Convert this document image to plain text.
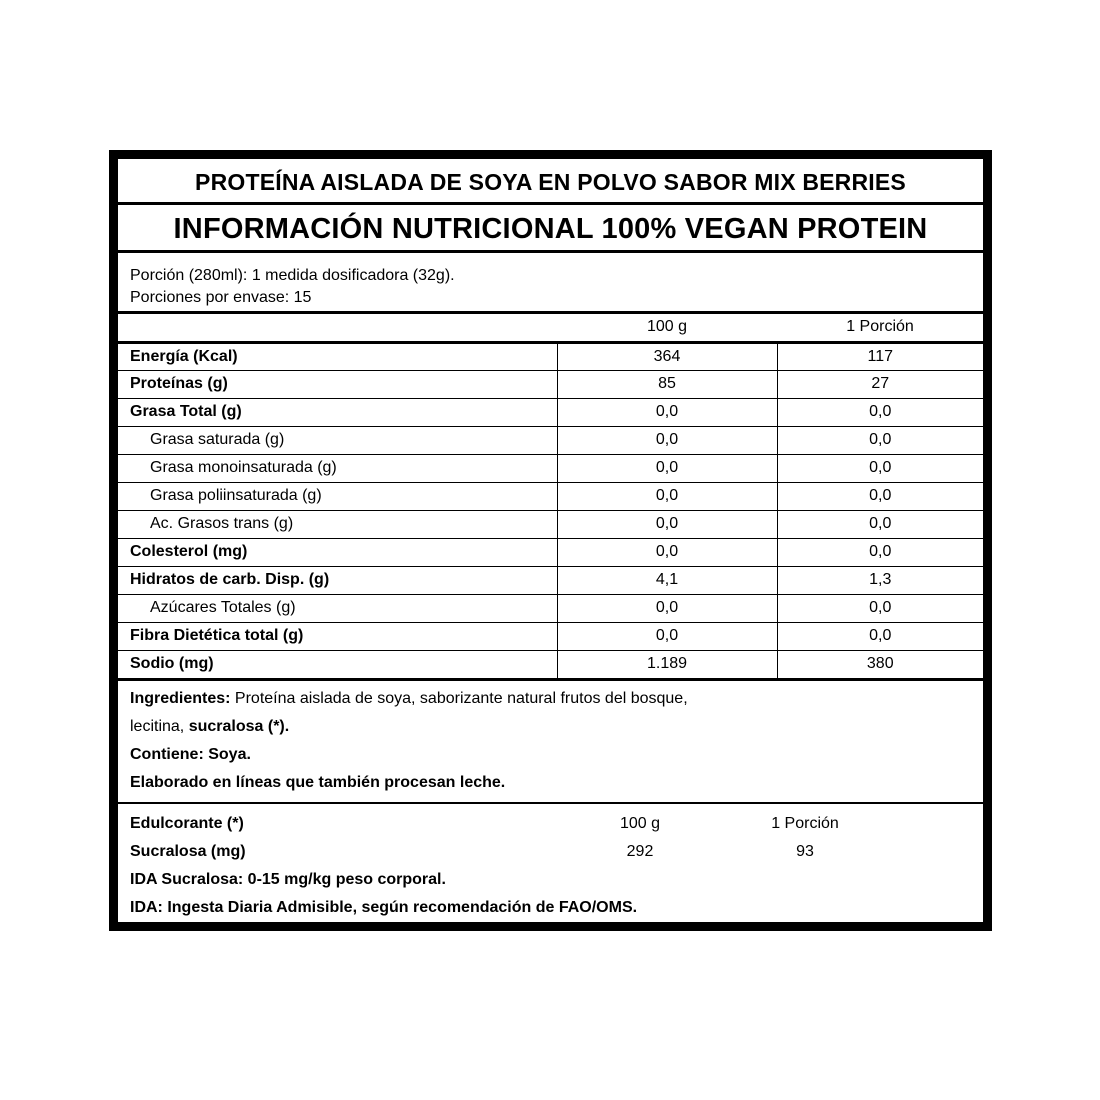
PROTEÍNA AISLADA DE SOYA EN POLVO SABOR MIX BERRIES
INFORMACIÓN NUTRICIONAL 100% VEGAN PROTEIN
Porción (280ml): 1 medida dosificadora (32g).
Porciones por envase: 15
	100 g	1 Porción
Energía (Kcal)	364	117
Proteínas (g)	85	27
Grasa Total (g)	0,0	0,0
Grasa saturada (g)	0,0	0,0
Grasa monoinsaturada (g)	0,0	0,0
Grasa poliinsaturada (g)	0,0	0,0
Ac. Grasos trans (g)	0,0	0,0
Colesterol (mg)	0,0	0,0
Hidratos de carb. Disp. (g)	4,1	1,3
Azúcares Totales (g)	0,0	0,0
Fibra Dietética total (g)	0,0	0,0
Sodio (mg)	1.189	380
Ingredientes: Proteína aislada de soya, saborizante natural frutos del bosque,
lecitina, sucralosa (*).
Contiene: Soya.
Elaborado en líneas que también procesan leche.
Edulcorante (*)	100 g	1 Porción
Sucralosa (mg)	292	93
IDA Sucralosa: 0-15 mg/kg peso corporal.
IDA: Ingesta Diaria Admisible, según recomendación de FAO/OMS.
